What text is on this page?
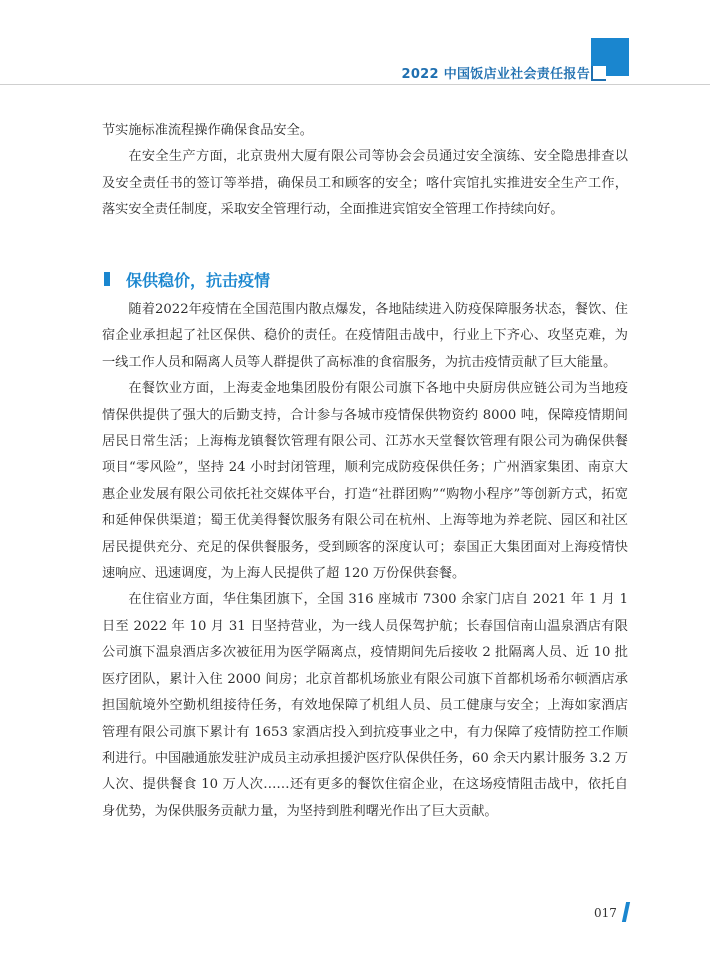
2022 中国饭店业社会责任报告

节实施标准流程操作确保食品安全。

在安全生产方面，北京贵州大厦有限公司等协会会员通过安全演练、安全隐患排查以及安全责任书的签订等举措，确保员工和顾客的安全；喀什宾馆扎实推进安全生产工作，落实安全责任制度，采取安全管理行动，全面推进宾馆安全管理工作持续向好。

保供稳价，抗击疫情

随着2022年疫情在全国范围内散点爆发，各地陆续进入防疫保障服务状态，餐饮、住宿企业承担起了社区保供、稳价的责任。在疫情阻击战中，行业上下齐心、攻坚克难，为一线工作人员和隔离人员等人群提供了高标准的食宿服务，为抗击疫情贡献了巨大能量。

在餐饮业方面，上海麦金地集团股份有限公司旗下各地中央厨房供应链公司为当地疫情保供提供了强大的后勤支持，合计参与各城市疫情保供物资约 8000 吨，保障疫情期间居民日常生活；上海梅龙镇餐饮管理有限公司、江苏水天堂餐饮管理有限公司为确保供餐项目“零风险”，坚持 24 小时封闭管理，顺利完成防疫保供任务；广州酒家集团、南京大惠企业发展有限公司依托社交媒体平台，打造“社群团购”“购物小程序”等创新方式，拓宽和延伸保供渠道；蜀王优美得餐饮服务有限公司在杭州、上海等地为养老院、园区和社区居民提供充分、充足的保供餐服务，受到顾客的深度认可；泰国正大集团面对上海疫情快速响应、迅速调度，为上海人民提供了超 120 万份保供套餐。

在住宿业方面，华住集团旗下，全国 316 座城市 7300 余家门店自 2021 年 1 月 1 日至 2022 年 10 月 31 日坚持营业，为一线人员保驾护航；长春国信南山温泉酒店有限公司旗下温泉酒店多次被征用为医学隔离点，疫情期间先后接收 2 批隔离人员、近 10 批医疗团队，累计入住 2000 间房；北京首都机场旅业有限公司旗下首都机场希尔顿酒店承担国航境外空勤机组接待任务，有效地保障了机组人员、员工健康与安全；上海如家酒店管理有限公司旗下累计有 1653 家酒店投入到抗疫事业之中，有力保障了疫情防控工作顺利进行。中国融通旅发驻沪成员主动承担援沪医疗队保供任务，60 余天内累计服务 3.2 万人次、提供餐食 10 万人次……还有更多的餐饮住宿企业，在这场疫情阻击战中，依托自身优势，为保供服务贡献力量，为坚持到胜利曙光作出了巨大贡献。

017
